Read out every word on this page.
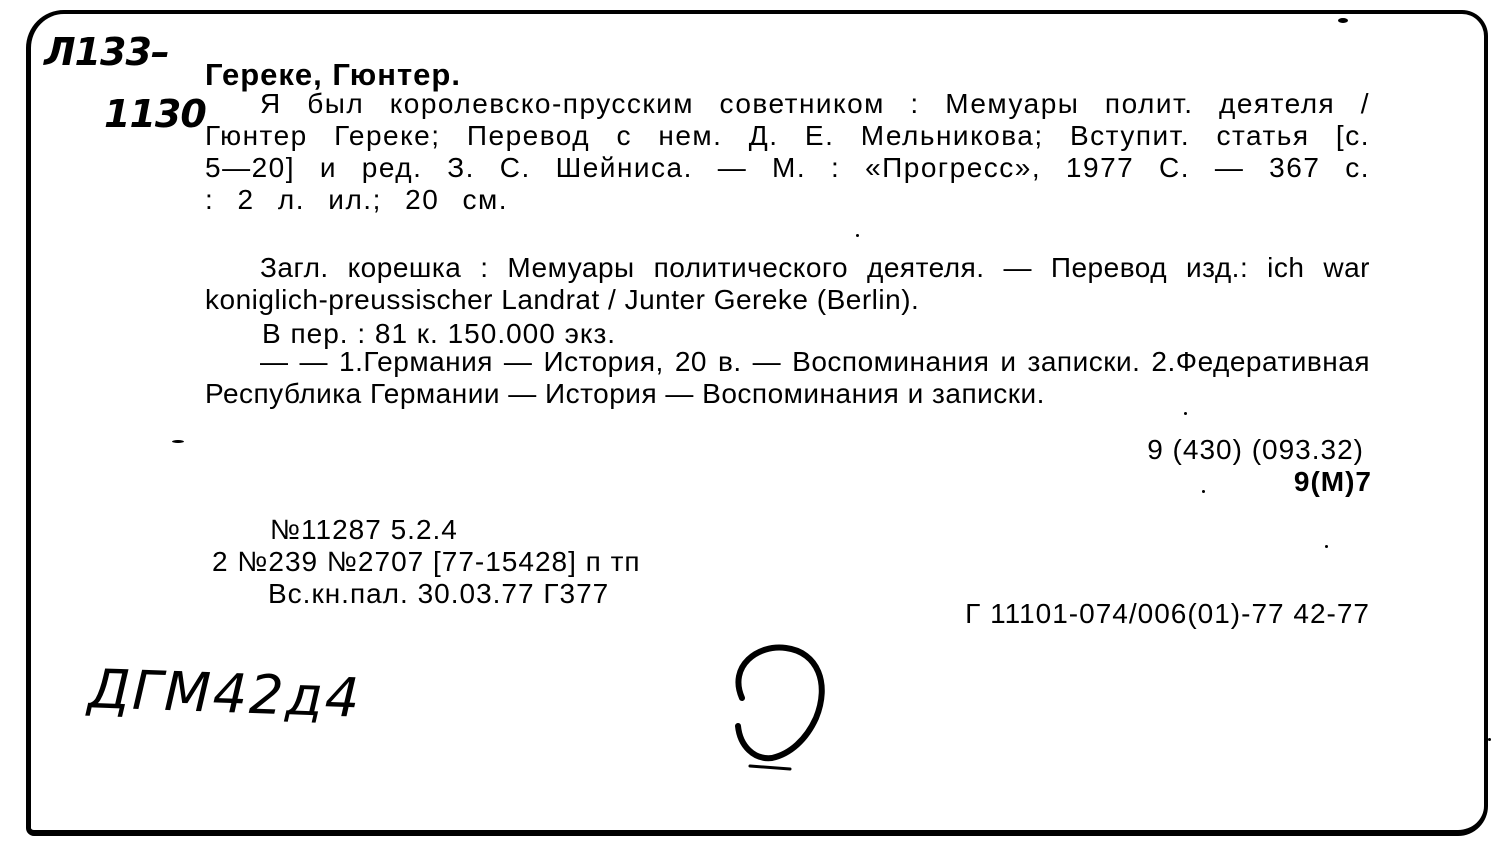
Л133–
1130
Гереке, Гюнтер.
Я был королевско-прусским советником : Мемуары полит. деятеля / Гюнтер Гереке; Перевод с нем. Д. Е. Мельникова; Вступит. статья [с. 5—20] и ред. З. С. Шейниса. — М. : «Прогресс», 1977 С. — 367 с. : 2 л. ил.; 20 см.
Загл. корешка : Мемуары политического деятеля. — Перевод изд.: ich war koniglich-preussischer Landrat / Junter Gereke (Berlin).
В пер. : 81 к. 150.000 экз.
— — 1.Германия — История, 20 в. — Воспоминания и записки. 2.Федеративная Республика Германии — История — Воспоминания и записки.
9 (430) (093.32)
9(М)7
№11287 5.2.4
2 №239 №2707 [77-15428] п тп
Вс.кн.пал. 30.03.77 Г377
Г 11101-074/006(01)-77 42-77
ДГМ42д4
